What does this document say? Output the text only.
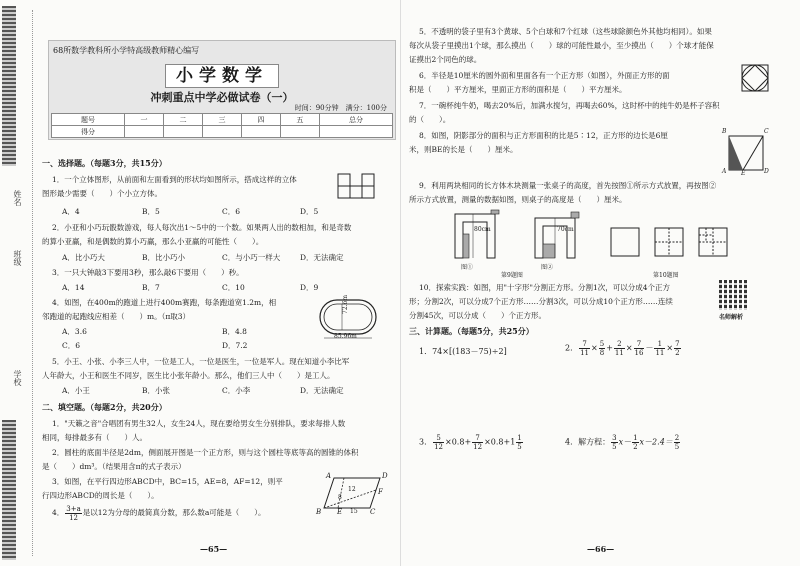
姓名
班级
学校
68所数学教科所小学特高级教师精心编写
小学数学
冲刺重点中学必做试卷（一）
时间：90分钟　满分：100分
题号	一	二	三	四	五	总分
得分						
一、选择题。（每题3分，共15分）
1．一个立体图形，从前面和左面看到的形状均如图所示，搭成这样的立体
图形最少需要（　　）个小立方体。
A．4	B．5	C．6	D．5
2．小亚和小巧玩骰数游戏，每人每次出1～5中的一个数。如果两人出的数相加，和是奇数
的算小亚赢，和是偶数的算小巧赢，那么小亚赢的可能性（　　）。
A．比小巧大	B．比小巧小	C．与小巧一样大	D．无法确定
3．一只大钟敲3下要用3秒，那么敲6下要用（　　）秒。
A．14	B．7	C．10	D．9
4．如图，在400m的跑道上进行400m赛跑，每条跑道宽1.2m，相
邻跑道的起跑线应相差（　　）m。（π取3）
72.6m
85.96m
A．3.6	B．4.8
C．6	D．7.2
5．小王、小张、小李三人中，一位是工人，一位是医生，一位是军人。现在知道小李比军
人年龄大，小王和医生不同岁，医生比小张年龄小。那么，他们三人中（　　）是工人。
A．小王	B．小张	C．小李	D．无法确定
二、填空题。（每题2分，共20分）
1．"天籁之音"合唱团有男生32人，女生24人，现在要给男女生分别排队，要求每排人数
相同，每排最多有（　　）人。
2．圆柱的底面半径是2dm，侧面展开图是一个正方形，则与这个圆柱等底等高的圆锥的体积
是（　　）dm³。（结果用含π的式子表示）
3．如图，在平行四边形ABCD中，BC=15，AE=8，AF=12，则平
行四边形ABCD的周长是（　　）。
4． $\frac{3+a}{12}$ 是以12为分母的最简真分数，那么数a可能是（　　）。
A	D
B E	C
F
12
8
15
—65—
5．不透明的袋子里有3个黄球、5个白球和7个红球（这些球除颜色外其他均相同）。如果
每次从袋子里摸出1个球，那么摸出（　　）球的可能性最小，至少摸出（　　）个球才能保
证摸出2个同色的球。
6．半径是10厘米的圆外面和里面各有一个正方形（如图），外面正方形的面
积是（　　）平方厘米，里面正方形的面积是（　　）平方厘米。
7．一碗杯纯牛奶，喝去20%后，加满水搅匀，再喝去60%，这时杯中的纯牛奶是杯子容积
的（　　）。
8．如图，阴影部分的面积与正方形面积的比是5∶12，正方形的边长是6厘
米，则BE的长是（　　）厘米。
B	C
A E	D
9．利用两块相同的长方体木块测量一张桌子的高度，首先按图①所示方式放置，再按图②
所示方式放置，测量的数据如图，则桌子的高度是（　　）厘米。
80cm	70cm
图①	图②
第9题图	第10题图
10．探索实践：如图，用"十字形"分割正方形。分割1次，可以分成4个正方
形；分割2次，可以分成7个正方形……分割3次，可以分成10个正方形……连续
分割45次，可以分成（　　）个正方形。	名师解析
三、计算题。（每题5分，共25分）
1．74×[(183－75)÷2]	2． $\frac{7}{11} \times \frac{5}{8} + \frac{2}{11} \times \frac{7}{16} - \frac{1}{11} \times \frac{7}{2}$
3． $\frac{5}{12} \times 0.8+ \frac{7}{12} \times 0.8+1 \frac{1}{5}$	4．解方程： $\frac{3}{5} x- \frac{1}{2} x-2.4= \frac{2}{5}$
—66—
